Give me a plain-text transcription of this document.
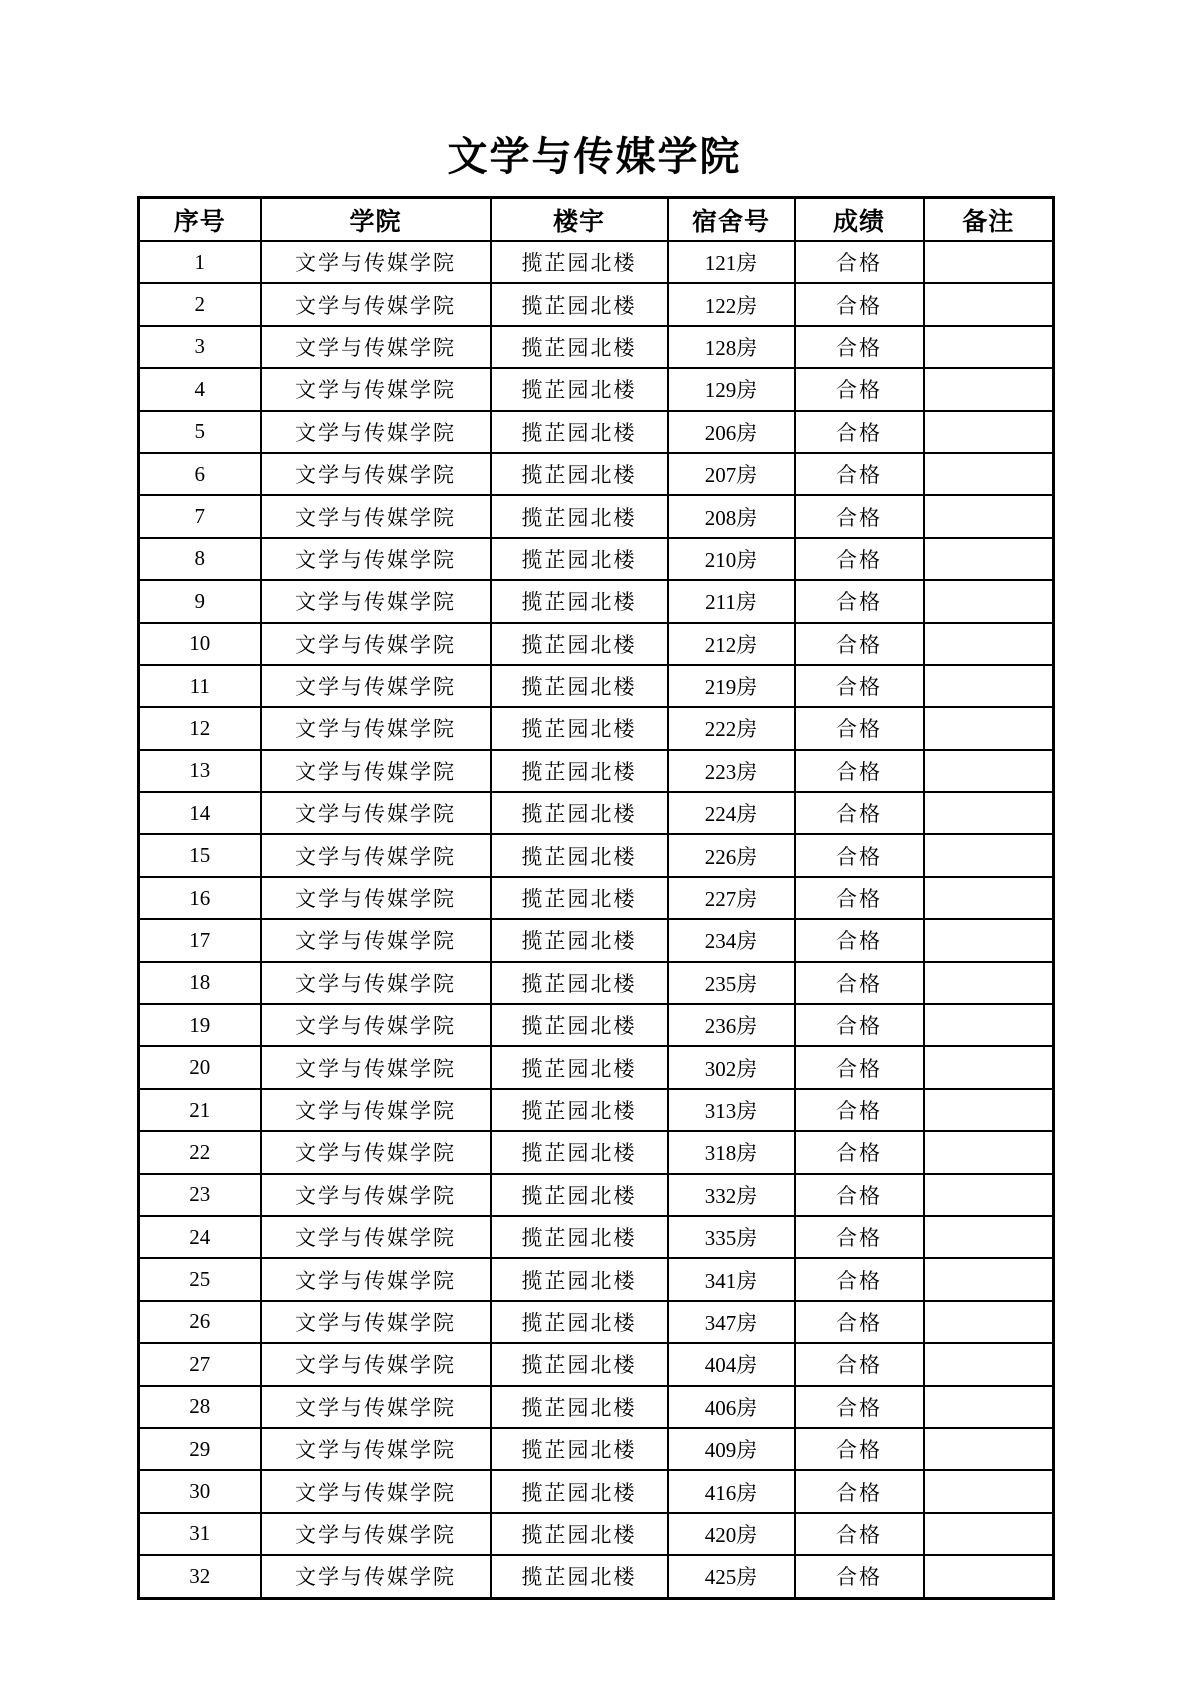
文学与传媒学院
序号	学院	楼宇	宿舍号	成绩	备注
1	文学与传媒学院	揽芷园北楼	121房	合格	
2	文学与传媒学院	揽芷园北楼	122房	合格	
3	文学与传媒学院	揽芷园北楼	128房	合格	
4	文学与传媒学院	揽芷园北楼	129房	合格	
5	文学与传媒学院	揽芷园北楼	206房	合格	
6	文学与传媒学院	揽芷园北楼	207房	合格	
7	文学与传媒学院	揽芷园北楼	208房	合格	
8	文学与传媒学院	揽芷园北楼	210房	合格	
9	文学与传媒学院	揽芷园北楼	211房	合格	
10	文学与传媒学院	揽芷园北楼	212房	合格	
11	文学与传媒学院	揽芷园北楼	219房	合格	
12	文学与传媒学院	揽芷园北楼	222房	合格	
13	文学与传媒学院	揽芷园北楼	223房	合格	
14	文学与传媒学院	揽芷园北楼	224房	合格	
15	文学与传媒学院	揽芷园北楼	226房	合格	
16	文学与传媒学院	揽芷园北楼	227房	合格	
17	文学与传媒学院	揽芷园北楼	234房	合格	
18	文学与传媒学院	揽芷园北楼	235房	合格	
19	文学与传媒学院	揽芷园北楼	236房	合格	
20	文学与传媒学院	揽芷园北楼	302房	合格	
21	文学与传媒学院	揽芷园北楼	313房	合格	
22	文学与传媒学院	揽芷园北楼	318房	合格	
23	文学与传媒学院	揽芷园北楼	332房	合格	
24	文学与传媒学院	揽芷园北楼	335房	合格	
25	文学与传媒学院	揽芷园北楼	341房	合格	
26	文学与传媒学院	揽芷园北楼	347房	合格	
27	文学与传媒学院	揽芷园北楼	404房	合格	
28	文学与传媒学院	揽芷园北楼	406房	合格	
29	文学与传媒学院	揽芷园北楼	409房	合格	
30	文学与传媒学院	揽芷园北楼	416房	合格	
31	文学与传媒学院	揽芷园北楼	420房	合格	
32	文学与传媒学院	揽芷园北楼	425房	合格	
